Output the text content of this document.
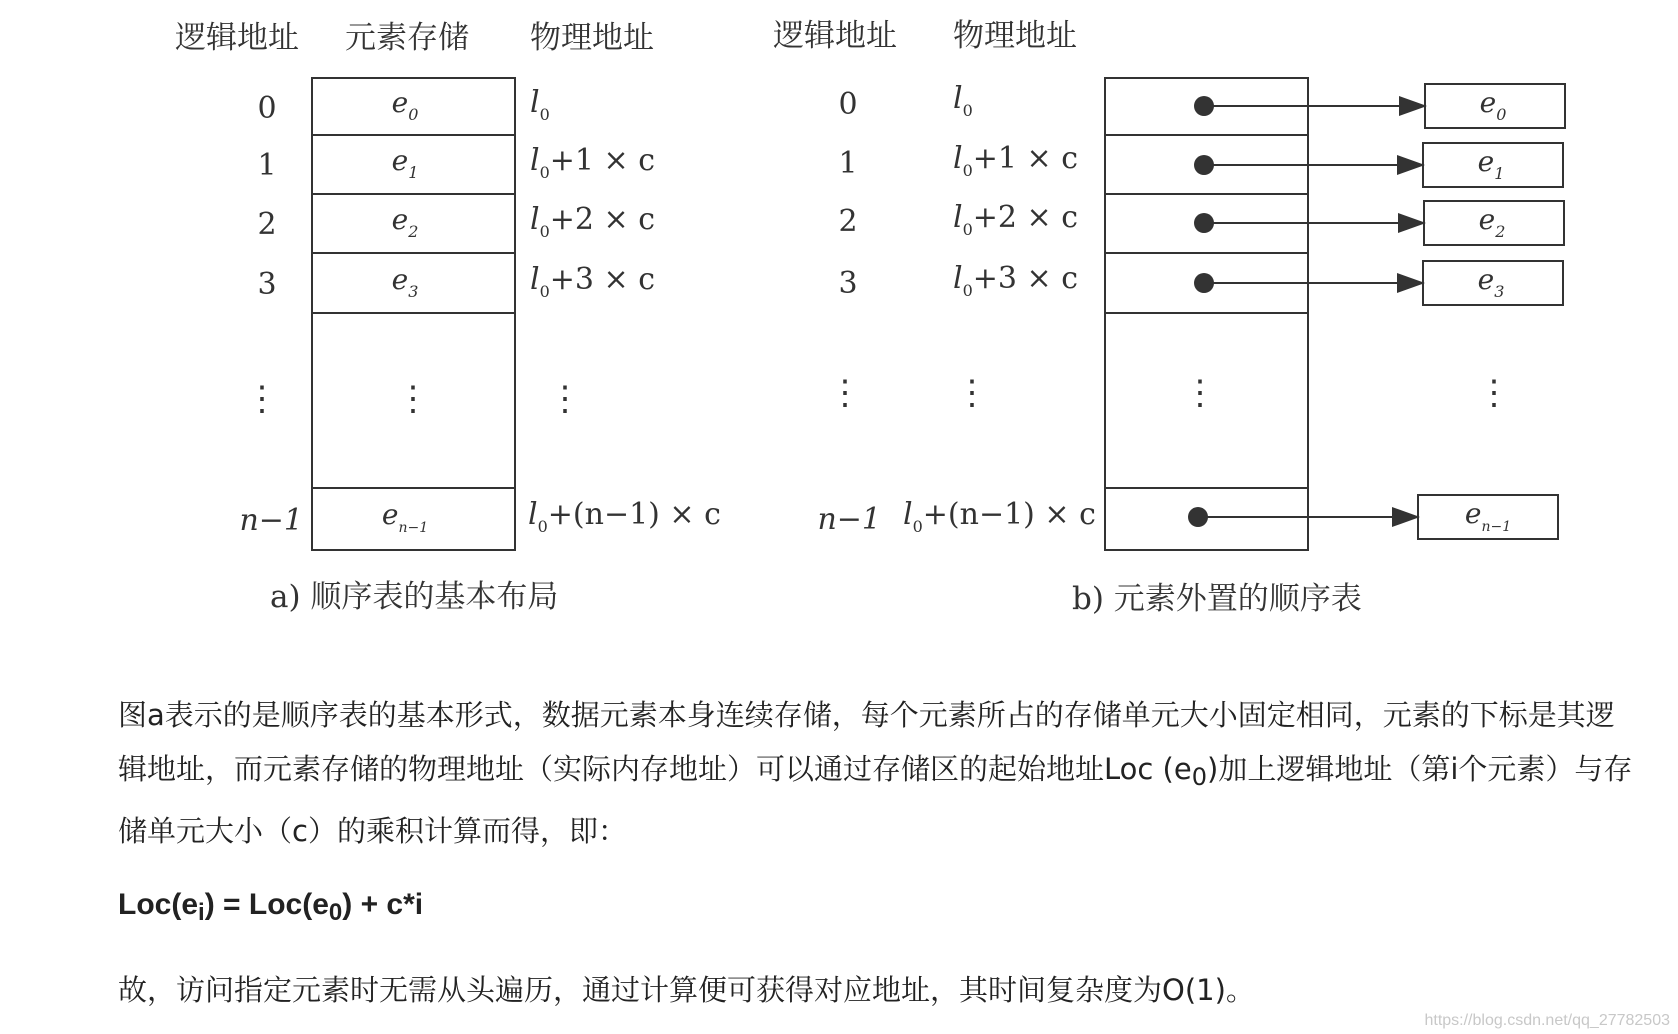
逻辑地址 元素存储 物理地址
0	$e_0$	$l_0$
1	$e_1$	$l_0+1 \times c$
2	$e_2$	$l_0+2 \times c$
3	$e_3$	$l_0+3 \times c$
⋮	⋮	⋮
n−1	$e_{n-1}$	$l_0+(n-1) \times c$
a) 顺序表的基本布局
逻辑地址 物理地址
0	$l_0$	$e_0$
1	$l_0+1 \times c$	$e_1$
2	$l_0+2 \times c$	$e_2$
3	$l_0+3 \times c$	$e_3$
⋮	⋮	⋮	⋮
n−1 $l_0+(n-1) \times c$	$e_{n-1}$
b) 元素外置的顺序表

图a表示的是顺序表的基本形式，数据元素本身连续存储，每个元素所占的存储单元大小固定相同，元素的下标是其逻辑地址，而元素存储的物理地址（实际内存地址）可以通过存储区的起始地址Loc $(e_0)$加上逻辑地址（第i个元素）与存储单元大小（c）的乘积计算而得，即：

$Loc(e_i) = Loc(e_0) + c*i$
故，访问指定元素时无需从头遍历，通过计算便可获得对应地址，其时间复杂度为O(1)。
https://blog.csdn.net/qq_27782503
